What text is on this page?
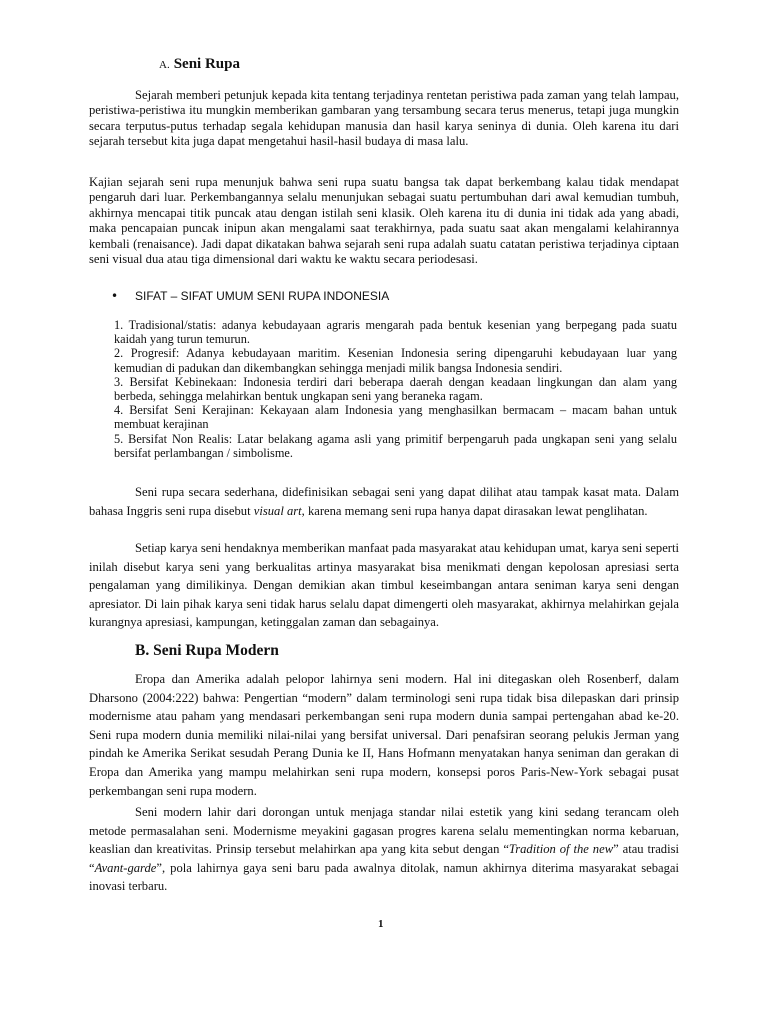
A. Seni Rupa

Sejarah memberi petunjuk kepada kita tentang terjadinya rentetan peristiwa pada zaman yang telah lampau, peristiwa-peristiwa itu mungkin memberikan gambaran yang tersambung secara terus menerus, tetapi juga mungkin secara terputus-putus terhadap segala kehidupan manusia dan hasil karya seninya di dunia. Oleh karena itu dari sejarah tersebut kita juga dapat mengetahui hasil-hasil budaya di masa lalu.

Kajian sejarah seni rupa menunjuk bahwa seni rupa suatu bangsa tak dapat berkembang kalau tidak mendapat pengaruh dari luar. Perkembangannya selalu menunjukan sebagai suatu pertumbuhan dari awal kemudian tumbuh, akhirnya mencapai titik puncak atau dengan istilah seni klasik. Oleh karena itu di dunia ini tidak ada yang abadi, maka pencapaian puncak inipun akan mengalami saat terakhirnya, pada suatu saat akan mengalami kelahirannya kembali (renaisance). Jadi dapat dikatakan bahwa sejarah seni rupa adalah suatu catatan peristiwa terjadinya ciptaan seni visual dua atau tiga dimensional dari waktu ke waktu secara periodesasi.

• SIFAT – SIFAT UMUM SENI RUPA INDONESIA

1. Tradisional/statis: adanya kebudayaan agraris mengarah pada bentuk kesenian yang berpegang pada suatu kaidah yang turun temurun.

2. Progresif: Adanya kebudayaan maritim. Kesenian Indonesia sering dipengaruhi kebudayaan luar yang kemudian di padukan dan dikembangkan sehingga menjadi milik bangsa Indonesia sendiri.

3. Bersifat Kebinekaan: Indonesia terdiri dari beberapa daerah dengan keadaan lingkungan dan alam yang berbeda, sehingga melahirkan bentuk ungkapan seni yang beraneka ragam.

4. Bersifat Seni Kerajinan: Kekayaan alam Indonesia yang menghasilkan bermacam – macam bahan untuk membuat kerajinan

5. Bersifat Non Realis: Latar belakang agama asli yang primitif berpengaruh pada ungkapan seni yang selalu bersifat perlambangan / simbolisme.

Seni rupa secara sederhana, didefinisikan sebagai seni yang dapat dilihat atau tampak kasat mata. Dalam bahasa Inggris seni rupa disebut visual art, karena memang seni rupa hanya dapat dirasakan lewat penglihatan.

Setiap karya seni hendaknya memberikan manfaat pada masyarakat atau kehidupan umat, karya seni seperti inilah disebut karya seni yang berkualitas artinya masyarakat bisa menikmati dengan kepolosan apresiasi serta pengalaman yang dimilikinya. Dengan demikian akan timbul keseimbangan antara seniman karya seni dengan apresiator. Di lain pihak karya seni tidak harus selalu dapat dimengerti oleh masyarakat, akhirnya melahirkan gejala kurangnya apresiasi, kampungan, ketinggalan zaman dan sebagainya.

B. Seni Rupa Modern

Eropa dan Amerika adalah pelopor lahirnya seni modern. Hal ini ditegaskan oleh Rosenberf, dalam Dharsono (2004:222) bahwa: Pengertian “modern” dalam terminologi seni rupa tidak bisa dilepaskan dari prinsip modernisme atau paham yang mendasari perkembangan seni rupa modern dunia sampai pertengahan abad ke-20. Seni rupa modern dunia memiliki nilai-nilai yang bersifat universal. Dari penafsiran seorang pelukis Jerman yang pindah ke Amerika Serikat sesudah Perang Dunia ke II, Hans Hofmann menyatakan hanya seniman dan gerakan di Eropa dan Amerika yang mampu melahirkan seni rupa modern, konsepsi poros Paris-New-York sebagai pusat perkembangan seni rupa modern.

Seni modern lahir dari dorongan untuk menjaga standar nilai estetik yang kini sedang terancam oleh metode permasalahan seni. Modernisme meyakini gagasan progres karena selalu mementingkan norma kebaruan, keaslian dan kreativitas. Prinsip tersebut melahirkan apa yang kita sebut dengan “Tradition of the new” atau tradisi “Avant-garde”, pola lahirnya gaya seni baru pada awalnya ditolak, namun akhirnya diterima masyarakat sebagai inovasi terbaru.

1
